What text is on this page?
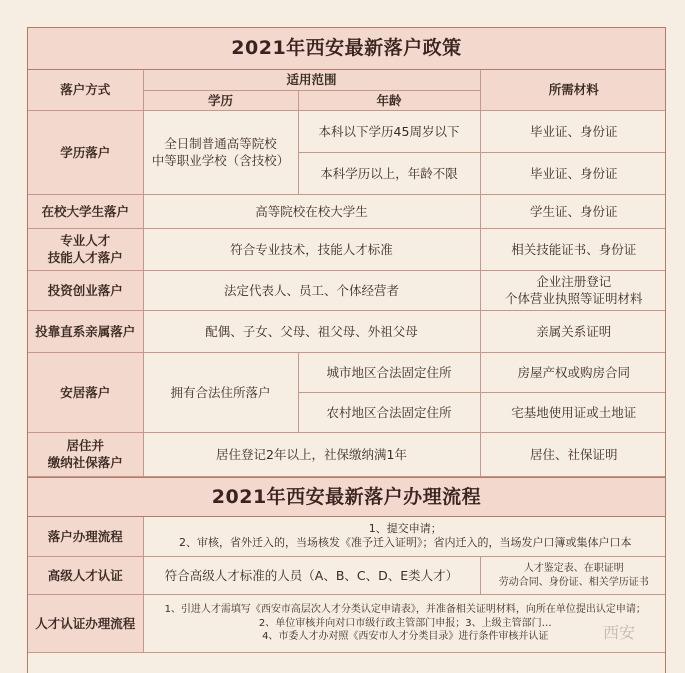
2021年西安最新落户政策
落户方式	适用范围		所需材料
	学历	年龄	
学历落户	全日制普通高等院校
中等职业学校（含技校）	本科以下学历45周岁以下	毕业证、身份证
		本科学历以上，年龄不限	毕业证、身份证
在校大学生落户	高等院校在校大学生		学生证、身份证
专业人才
技能人才落户	符合专业技术，技能人才标准		相关技能证书、身份证
投资创业落户	法定代表人、员工、个体经营者		企业注册登记
个体营业执照等证明材料
投靠直系亲属落户	配偶、子女、父母、祖父母、外祖父母		亲属关系证明
安居落户	拥有合法住所落户	城市地区合法固定住所	房屋产权或购房合同
		农村地区合法固定住所	宅基地使用证或土地证
居住并
缴纳社保落户	居住登记2年以上，社保缴纳满1年		居住、社保证明
2021年西安最新落户办理流程
落户办理流程	1、提交申请；
2、审核，省外迁入的，当场核发《准予迁入证明》；省内迁入的，当场发户口簿或集体户口本	

高级人才认证	符合高级人才标准的人员（A、B、C、D、E类人才）	人才鉴定表、在职证明
劳动合同、身份证、相关学历证书
人才认证办理流程	1、引进人才需填写《西安市高层次人才分类认定申请表》，并准备相关证明材料，向所在单位提出认定申请；
2、单位审核并向对口市级行政主管部门申报；3、上级主管部门…
4、市委人才办对照《西安市人才分类目录》进行条件审核并认证		西安
